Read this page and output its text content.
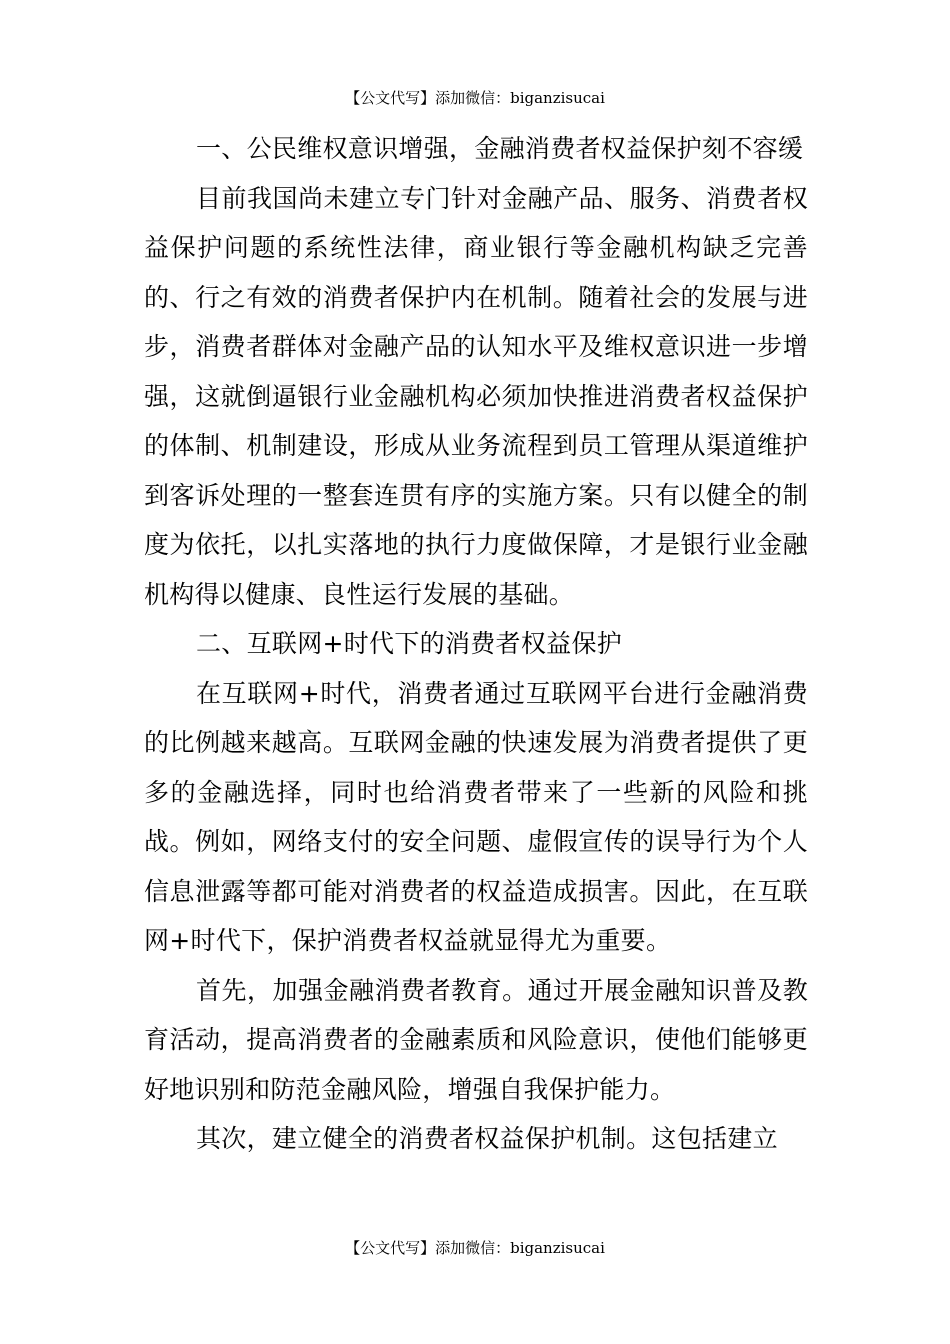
【公文代写】添加微信：biganzisucai

一、公民维权意识增强，金融消费者权益保护刻不容缓

目前我国尚未建立专门针对金融产品、服务、消费者权益保护问题的系统性法律，商业银行等金融机构缺乏完善的、行之有效的消费者保护内在机制。随着社会的发展与进步，消费者群体对金融产品的认知水平及维权意识进一步增强，这就倒逼银行业金融机构必须加快推进消费者权益保护的体制、机制建设，形成从业务流程到员工管理从渠道维护到客诉处理的一整套连贯有序的实施方案。只有以健全的制度为依托，以扎实落地的执行力度做保障，才是银行业金融机构得以健康、良性运行发展的基础。

二、互联网+时代下的消费者权益保护

在互联网+时代，消费者通过互联网平台进行金融消费的比例越来越高。互联网金融的快速发展为消费者提供了更多的金融选择，同时也给消费者带来了一些新的风险和挑战。例如，网络支付的安全问题、虚假宣传的误导行为个人信息泄露等都可能对消费者的权益造成损害。因此，在互联网+时代下，保护消费者权益就显得尤为重要。

首先，加强金融消费者教育。通过开展金融知识普及教育活动，提高消费者的金融素质和风险意识，使他们能够更好地识别和防范金融风险，增强自我保护能力。

其次，建立健全的消费者权益保护机制。这包括建立

【公文代写】添加微信：biganzisucai
